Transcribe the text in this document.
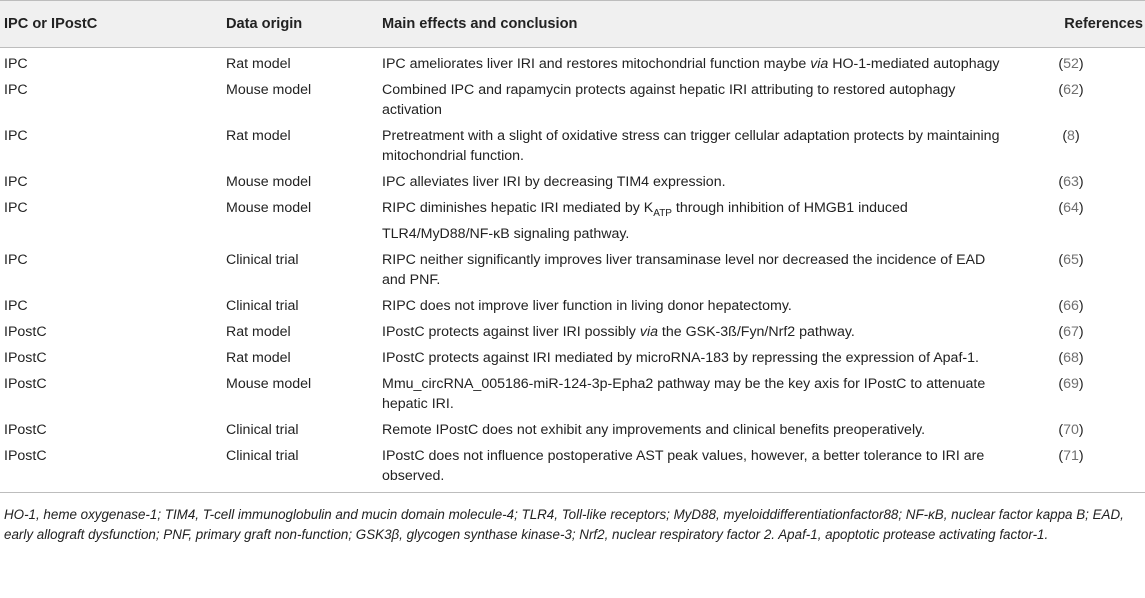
IPC or IPostC	Data origin	Main effects and conclusion	References
IPC	Rat model	IPC ameliorates liver IRI and restores mitochondrial function maybe via HO-1-mediated autophagy	(52)
IPC	Mouse model	Combined IPC and rapamycin protects against hepatic IRI attributing to restored autophagy activation	(62)
IPC	Rat model	Pretreatment with a slight of oxidative stress can trigger cellular adaptation protects by maintaining mitochondrial function.	(8)
IPC	Mouse model	IPC alleviates liver IRI by decreasing TIM4 expression.	(63)
IPC	Mouse model	RIPC diminishes hepatic IRI mediated by $K_{ATP}$ through inhibition of HMGB1 induced TLR4/MyD88/NF-κB signaling pathway.	(64)
IPC	Clinical trial	RIPC neither significantly improves liver transaminase level nor decreased the incidence of EAD and PNF.	(65)
IPC	Clinical trial	RIPC does not improve liver function in living donor hepatectomy.	(66)
IPostC	Rat model	IPostC protects against liver IRI possibly via the GSK-3ß/Fyn/Nrf2 pathway.	(67)
IPostC	Rat model	IPostC protects against IRI mediated by microRNA-183 by repressing the expression of Apaf-1.	(68)
IPostC	Mouse model	Mmu_circRNA_005186-miR-124-3p-Epha2 pathway may be the key axis for IPostC to attenuate hepatic IRI.	(69)
IPostC	Clinical trial	Remote IPostC does not exhibit any improvements and clinical benefits preoperatively.	(70)
IPostC	Clinical trial	IPostC does not influence postoperative AST peak values, however, a better tolerance to IRI are observed.	(71)
HO-1, heme oxygenase-1; TIM4, T-cell immunoglobulin and mucin domain molecule-4; TLR4, Toll-like receptors; MyD88, myeloiddifferentiationfactor88; NF-κB, nuclear factor kappa B; EAD, early allograft dysfunction; PNF, primary graft non-function; GSK3β, glycogen synthase kinase-3; Nrf2, nuclear respiratory factor 2. Apaf-1, apoptotic protease activating factor-1.
